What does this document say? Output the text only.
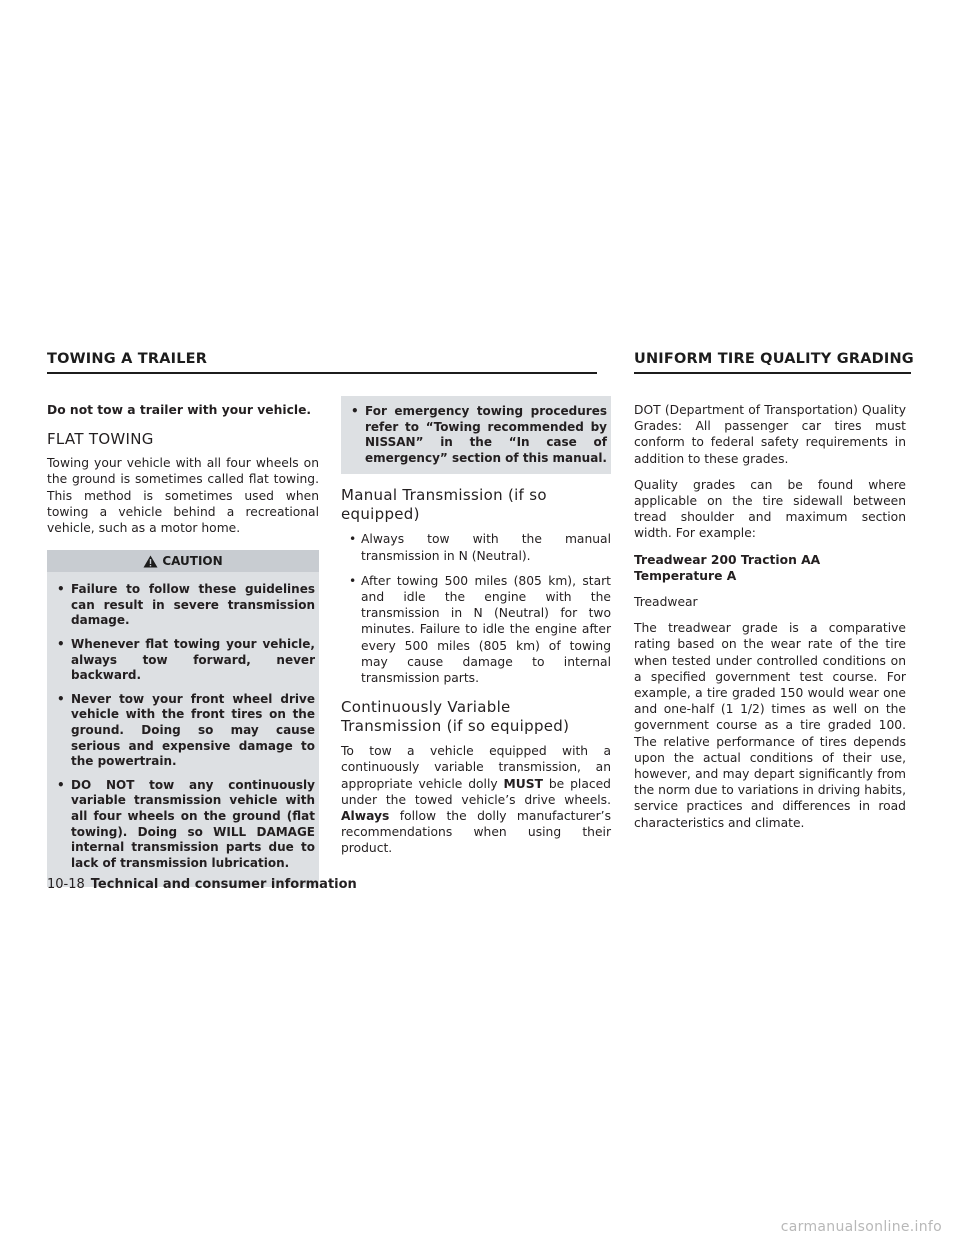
TOWING A TRAILER	UNIFORM TIRE QUALITY GRADING

Do not tow a trailer with your vehicle.

FLAT TOWING

Towing your vehicle with all four wheels on the ground is sometimes called flat towing. This method is sometimes used when towing a vehicle behind a recreational vehicle, such as a motor home.

CAUTION
• Failure to follow these guidelines can result in severe transmission damage.
• Whenever flat towing your vehicle, always tow forward, never backward.
• Never tow your front wheel drive vehicle with the front tires on the ground. Doing so may cause serious and expensive damage to the powertrain.
• DO NOT tow any continuously variable transmission vehicle with all four wheels on the ground (flat towing). Doing so WILL DAMAGE internal transmission parts due to lack of transmission lubrication.
• For emergency towing procedures refer to “Towing recommended by NISSAN” in the “In case of emergency” section of this manual.
Manual Transmission (if so equipped)
• Always tow with the manual transmission in N (Neutral).
• After towing 500 miles (805 km), start and idle the engine with the transmission in N (Neutral) for two minutes. Failure to idle the engine after every 500 miles (805 km) of towing may cause damage to internal transmission parts.
Continuously Variable Transmission (if so equipped)

To tow a vehicle equipped with a continuously variable transmission, an appropriate vehicle dolly MUST be placed under the towed vehicle’s drive wheels. Always follow the dolly manufacturer’s recommendations when using their product.

DOT (Department of Transportation) Quality Grades: All passenger car tires must conform to federal safety requirements in addition to these grades.

Quality grades can be found where applicable on the tire sidewall between tread shoulder and maximum section width. For example:

Treadwear 200 Traction AA Temperature A

Treadwear

The treadwear grade is a comparative rating based on the wear rate of the tire when tested under controlled conditions on a specified government test course. For example, a tire graded 150 would wear one and one-half (1 1/2) times as well on the government course as a tire graded 100. The relative performance of tires depends upon the actual conditions of their use, however, and may depart significantly from the norm due to variations in driving habits, service practices and differences in road characteristics and climate.

10-18 Technical and consumer information
carmanualsonline.info
